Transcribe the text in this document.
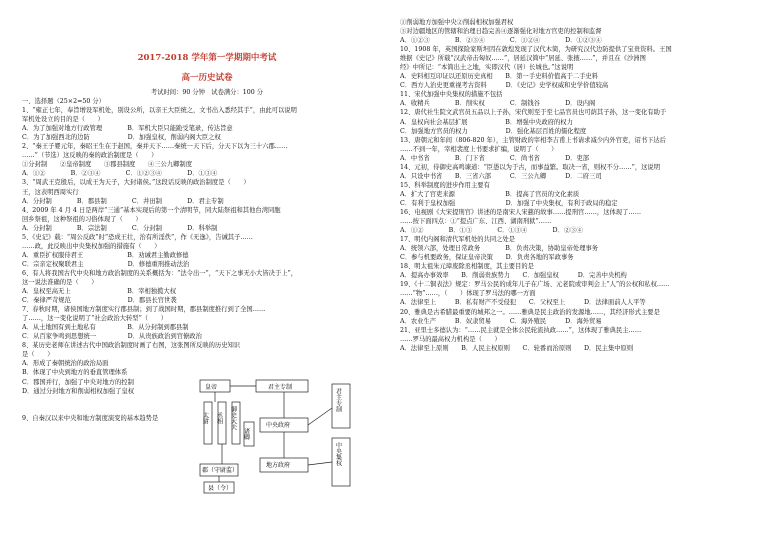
2017-2018 学年第一学期期中考试
高一历史试卷
考试时间：90 分钟　试卷满分：100 分
一、选择题（25×2=50 分）
1、“雍正七年，奉旨增设军机处，别设公所，以亲王大臣统之，文书出入悉经其手”，由此可以说明
军机处设立的目的是（　　）
A．为了加强对地方行政管理　　　　B．军机大臣只能跪受笔录，传达旨意
C．为了加强西北的边防　　　　　　D．加强皇权，削弱内阁大臣之权
2、“秦王子婴元年，秦昭王生在于赵国，秦并天下……秦统一天下后，分天下以为三十六郡……
……”（节选）这反映的秦的政治制度是（　　）
①分封制　　②皇帝制度　　③郡县制度　　④三公九卿制度
A．①②　　　　B．②③④　　　　C．①②③④　　　　D．①③④
3、“周武王克殷后，以成王为天子，大封诸侯。”这段话反映的政治制度是（　　）
王，这表明西周实行
A．分封制　　　　B．郡县制　　　　C．井田制　　　　D．君主专制
4、2009 年 4 月 4 日是两岸“三通”基本实现后的第一个清明节，同大陆祭祖和其他台湾同胞
回乡祭祖，这种祭祖的习俗体现了（　　）
A．分封制　　　　B．宗法制　　　　C．分封制　　　　D．科举制
5、《史记》载：“周公反政”时“恐成王壮，治有所淫佚”，作《无逸》，告诫其子……
……政，此反映出中央集权加强的措施有（　　）
A．重臣扩权服侍君王　　　　　　　B．劝诫君主勤政修德
C．宗亲定权聚联君主　　　　　　　D．修德重刑推动法治
6、有人将我国古代中央和地方政治制度的关系概括为：“法令出一”，“天下之事无小大皆决于上”，
这一说法准确的是（　　）
A．皇权至高无上　　　　　　　　　B．宰相独揽大权
C．秦律严苛规范　　　　　　　　　D．郡县长官世袭
7、春秋时期，诸侯国地方制度实行郡县制；到了战国时期，郡县制度推行到了全国……
了……，这一变化说明了“社会政治大转型”（　　）
A．从土地国有到土地私有　　　　　B．从分封制到郡县制
C．从百家争鸣到思想统一　　　　　D．从贵族政治到官僚政治
8、某历史老师在讲述古代中国政治制度时画了右图，这张图所反映的历史知识
是（　　）
A．形成了秦朝统治的政治局面
B．体现了中央到地方的垂直管理体系
C．郡国并行，加强了中央对地方的控制
D．通过分封地方和削弱相权加强了皇权

9、自秦汉以来中央和地方制度演变的基本趋势是
皇帝	君主专制
中央政府
地方政府
郡（守尉监）
县（令）
太尉 丞相 御史大夫
诸卿
君主专制
中央集权
①削弱地方加强中央②削弱相权加强君权
③对边疆地区的管辖和治理日趋完善④逐渐强化对地方官吏的控制和监督
A．①②③　　　　B．②③④　　　　C．①②④　　　　D．①②③④
10、1908 年，英国探险家斯坦因在敦煌发现了汉代木简，为研究汉代边防提供了宝贵资料。王国
维据《史记》所载“汉武帝击匈奴……”，居延汉简中“居延、张掖……”，并且在《沙洲图
经》中所记：“本简出土之地，实即汉代（居）长城也。”这说明
A．史料相互印证以还原历史真相　　B．第一手史料价值高于二手史料
C．西方人治史更重视考古资料　　　D．《史记》史学权威和史学价值较高
11、宋代加强中央集权的措施不包括
A．收精兵　　　　B．削实权　　　　C．制钱谷　　　　D．设内阁
12、唐代社生院文武官员五品以上子孙，宋代则至于至七品官员也可荫其子孙，这一变化有助于
A．皇权向社会基层扩展　　　　　　B．增强中央政府的权力
C．加强地方官员的权力　　　　　　D．强化基层百姓的儒化程度
13、唐朝元和年间（806-820 年），主管财政的宰相李吉甫上书请求减少内外官吏，诏书下达后
……不到一年，宰相裴度上书要求扩编，说明了（　　）
A．中书省　　　　B．门下省　　　　C．尚书省　　　　D．吏部
14、元初，侍御史高鸣谏道：“臣愚以为于古，而事益繁。取决一省，则权不分……”，这说明
A．只设中书省　　B．三省六部　　　C．三公九卿　　　D．二府三司
15、科举制度的进步作用主要有
A．扩大了官吏来源　　　　　　　　B．提高了官员的文化素质
C．有利于皇权加强　　　　　　　　D．加强了中央集权，有利于政局的稳定
16、电视剧《大宋提刑官》讲述的是南宋人宋慈的故事……提刑官……，这体现了……
……按下面四点：①“提点广东、江西、湖南刑狱”……
A．①②　　　　B．①③　　　　C．①③④　　　　D．②③④
17、明代内阁和清代军机处的共同之处是
A．统领六部，处理日常政务　　　　B．负责决策，协助皇帝处理事务
C．参与机要政务，保证皇帝决策　　D．负责各地的军政事务
18、明太祖朱元璋废除丞相制度，其主要目的是
A．提高办事效率　　B．削弱贵族势力　　C．加强皇权　　　D．完善中央机构
19、《十二铜表法》规定：罗马公民的成年儿子在广场、元老院或审判会上“人”的公权和私权……
……“物”……，（　　）体现了罗马法的哪一方面
A．法律至上　　　B．私有财产不受侵犯　　C．父权至上　　　D．法律面前人人平等
20、雅典是古希腊最重要的城邦之一。……雅典是民主政治的发源地……，其经济形式主要是
A．农业生产　　　B．奴隶贸易　　　C．海外殖民　　　D．海外贸易
21、亚里士多德认为：“……民主就是全体公民轮流执政……”，这体现了雅典民主……
……罗马的最高权力机构是（　　）
A．法律至上原则　　B．人民主权原则　　C．轮番而治原则　　D．民主集中原则
